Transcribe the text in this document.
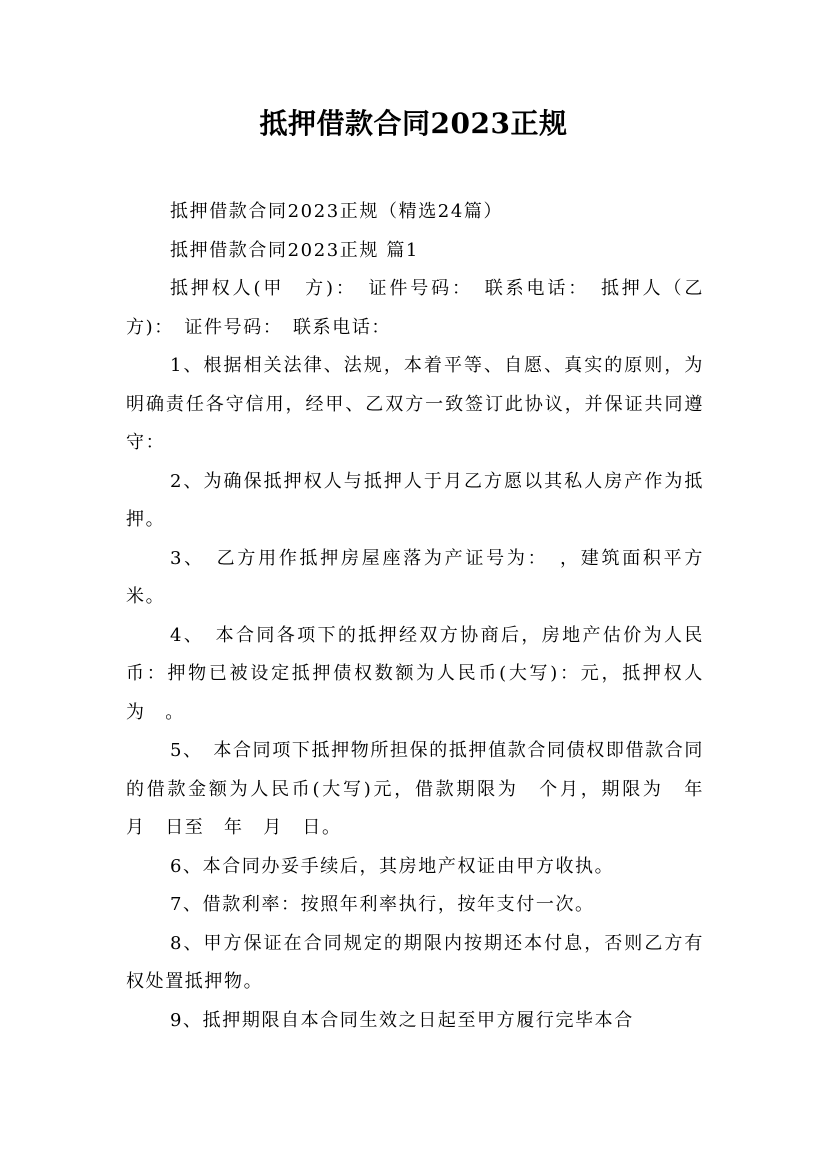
抵押借款合同2023正规

抵押借款合同2023正规（精选24篇）

抵押借款合同2023正规 篇1

抵押权人(甲　方)：　证件号码：　联系电话：　抵押人（乙方)：　证件号码：　联系电话：

1、根据相关法律、法规，本着平等、自愿、真实的原则，为明确责任各守信用，经甲、乙双方一致签订此协议，并保证共同遵守：

2、为确保抵押权人与抵押人于月乙方愿以其私人房产作为抵押。

3、　乙方用作抵押房屋座落为产证号为：　，建筑面积平方米。

4、　本合同各项下的抵押经双方协商后，房地产估价为人民币：押物已被设定抵押债权数额为人民币(大写)：元，抵押权人为　。

5、　本合同项下抵押物所担保的抵押值款合同债权即借款合同的借款金额为人民币(大写)元，借款期限为　个月，期限为　年　月　日至　年　月　日。

6、本合同办妥手续后，其房地产权证由甲方收执。

7、借款利率：按照年利率执行，按年支付一次。

8、甲方保证在合同规定的期限内按期还本付息，否则乙方有权处置抵押物。

9、抵押期限自本合同生效之日起至甲方履行完毕本合
